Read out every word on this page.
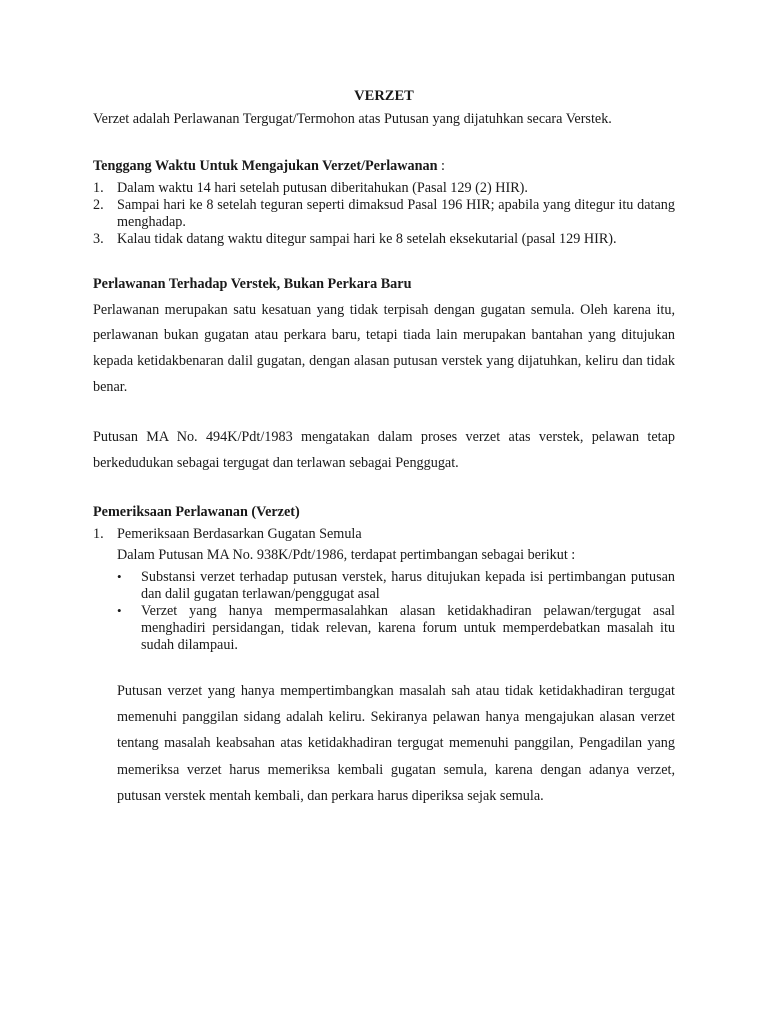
VERZET

Verzet adalah Perlawanan Tergugat/Termohon atas Putusan yang dijatuhkan secara Verstek.

Tenggang Waktu Untuk Mengajukan Verzet/Perlawanan :

1. Dalam waktu 14 hari setelah putusan diberitahukan (Pasal 129 (2) HIR).
2. Sampai hari ke 8 setelah teguran seperti dimaksud Pasal 196 HIR; apabila yang ditegur itu datang menghadap.
3. Kalau tidak datang waktu ditegur sampai hari ke 8 setelah eksekutarial (pasal 129 HIR).

Perlawanan Terhadap Verstek, Bukan Perkara Baru

Perlawanan merupakan satu kesatuan yang tidak terpisah dengan gugatan semula. Oleh karena itu, perlawanan bukan gugatan atau perkara baru, tetapi tiada lain merupakan bantahan yang ditujukan kepada ketidakbenaran dalil gugatan, dengan alasan putusan verstek yang dijatuhkan, keliru dan tidak benar.

Putusan MA No. 494K/Pdt/1983 mengatakan dalam proses verzet atas verstek, pelawan tetap berkedudukan sebagai tergugat dan terlawan sebagai Penggugat.

Pemeriksaan Perlawanan (Verzet)

1. Pemeriksaan Berdasarkan Gugatan Semula

Dalam Putusan MA No. 938K/Pdt/1986, terdapat pertimbangan sebagai berikut :

• Substansi verzet terhadap putusan verstek, harus ditujukan kepada isi pertimbangan putusan dan dalil gugatan terlawan/penggugat asal
• Verzet yang hanya mempermasalahkan alasan ketidakhadiran pelawan/tergugat asal menghadiri persidangan, tidak relevan, karena forum untuk memperdebatkan masalah itu sudah dilampaui.

Putusan verzet yang hanya mempertimbangkan masalah sah atau tidak ketidakhadiran tergugat memenuhi panggilan sidang adalah keliru. Sekiranya pelawan hanya mengajukan alasan verzet tentang masalah keabsahan atas ketidakhadiran tergugat memenuhi panggilan, Pengadilan yang memeriksa verzet harus memeriksa kembali gugatan semula, karena dengan adanya verzet, putusan verstek mentah kembali, dan perkara harus diperiksa sejak semula.
